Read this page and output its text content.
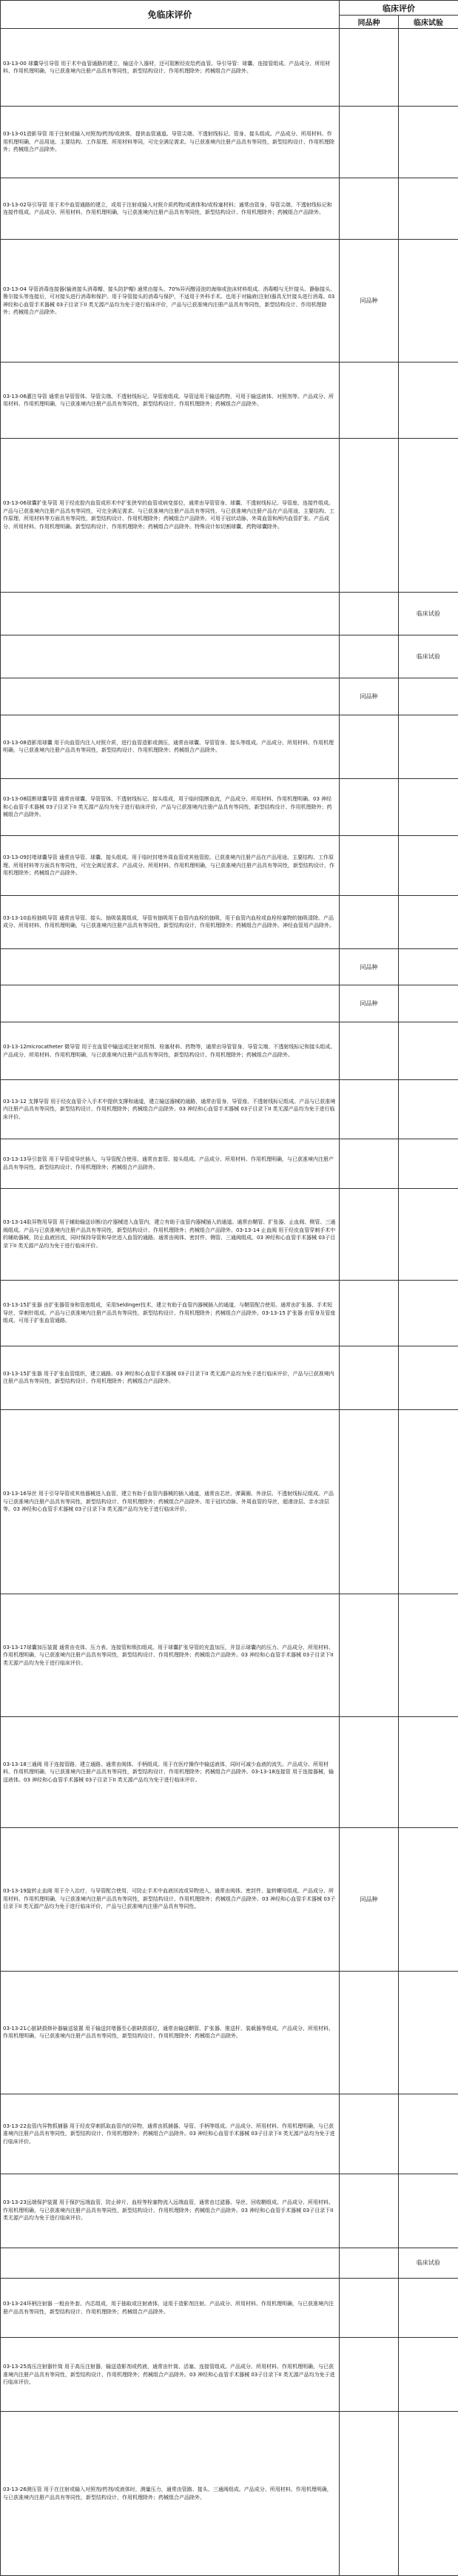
免临床评价	临床评价	
	同品种	临床试验
03-13-00 球囊导引导管 用于术中血管通路的建立，输送介入器材，还可阻断经皮给药血管。导引导管：球囊、连接管组成。产品成分、所用材料、作用机理明确，与已获准境内注册产品具有等同性，新型结构设计、作用机理除外；药械组合产品除外。		
03-13-01造影导管 用于注射或输入对照剂/药剂/或液体，提供血管通道。导管尖端、不透射线标记、管身、接头组成。产品成分、所用材料、作用机理明确，产品用途、主要结构、工作原理、所用材料等同，可完全满足需求。与已获准境内注册产品具有等同性，新型结构设计、作用机理除外；药械组合产品除外。		
03-13-02导引导管 用于术中血管通路的建立，或用于注射或输入对照介质药物/或液体和/或栓塞材料；通常由管身、导管尖端、不透射线标记和连接件组成。产品成分、所用材料、作用机理明确，与已获准境内注册产品具有等同性，新型结构设计、作用机理除外；药械组合产品除外。		
03-13-04 导管消毒连接器(输液接头消毒帽、接头防护帽) 通常由接头、70%异丙醇浸泡的海绵或泡沫材料组成。消毒帽与无针接头、静脉接头、鲁尔接头等连接后，可对接头进行消毒和保护。用于导管接头的消毒与保护，不适用于外科手术。也用于对输液(注射)器具无针接头进行消毒。03 神经和心血管手术器械 03子目录下II 类无源产品均为免于进行临床评价，产品与已获准境内注册产品具有等同性，新型结构设计、作用机理除外；药械组合产品除外。	同品种	
03-13-06灌注导管 通常由导管管体、导管尖端、不透射线标记、导管座组成。导管适用于输送药物，可用于输送液体、对照剂等。产品成分、所用材料、作用机理明确，与已获准境内注册产品具有等同性，新型结构设计、作用机理除外；药械组合产品除外。		
03-13-06球囊扩张导管 用于经皮腔内血管成形术中扩张狭窄的血管或病变部位，通常由导管管身、球囊、不透射线标记、导管座、连接件组成。产品与已获准境内注册产品具有等同性，可完全满足需求。与已获准境内注册产品具有等同性，与已获准境内注册产品在产品用途、主要结构、工作原理、所用材料等方面具有等同性，新型结构设计、作用机理除外；药械组合产品除外。可用于冠状动脉、外周血管和颅内血管扩张。产品成分、所用材料、作用机理明确。新型结构设计、作用机理除外；药械组合产品除外。特殊设计如切割球囊、药物球囊除外。		
		临床试验
		临床试验
	同品种	
03-13-08造影用球囊 用于向血管内注入对照介质，进行血管造影或测压，通常由球囊、导管管身、接头等组成。产品成分、所用材料、作用机理明确，与已获准境内注册产品具有等同性，新型结构设计、作用机理除外；药械组合产品除外。		
03-13-08阻断球囊导管 通常由球囊、导管管体、不透射线标记、接头组成，用于临时阻断血流，产品成分、所用材料、作用机理明确。03 神经和心血管手术器械 03子目录下II 类无源产品均为免于进行临床评价，产品与已获准境内注册产品具有等同性，新型结构设计、作用机理除外；药械组合产品除外。		
03-13-09封堵球囊导管 通常由导管、球囊、接头组成。用于临时封堵外周血管或其他管腔。已获准境内注册产品在产品用途、主要结构、工作原理、所用材料等方面具有等同性，可完全满足需求。产品成分、所用材料、作用机理明确，与已获准境内注册产品具有等同性，新型结构设计、作用机理除外；药械组合产品除外。		
03-13-10血栓抽吸导管 通常由导管、接头、抽吸装置组成，导管有抽吸用于血管内血栓的抽吸，用于血管内血栓或血栓栓塞物的抽吸清除。产品成分、所用材料、作用机理明确，与已获准境内注册产品具有等同性，新型结构设计、作用机理除外；药械组合产品除外。神经血管用产品除外。		
	同品种	
	同品种	
03-13-12microcatheter 微导管 用于在血管中输送或注射对照剂、栓塞材料、药物等，通常由导管管身、导管尖端、不透射线标记和接头组成。产品成分、所用材料、作用机理明确，与已获准境内注册产品具有等同性，新型结构设计、作用机理除外；药械组合产品除外。		
03-13-12 支撑导管 用于经皮血管介入手术中提供支撑和通道，建立输送器械的通路，通常由管身、导管座、不透射线标记组成。产品与已获准境内注册产品具有等同性，新型结构设计、作用机理除外；药械组合产品除外。03 神经和心血管手术器械 03子目录下II 类无源产品均为免于进行临床评价。		
03-13-13导引套管 用于导管或导丝插入，与导管配合使用。通常由套管、接头组成。产品成分、所用材料、作用机理明确，与已获准境内注册产品具有等同性，新型结构设计、作用机理除外；药械组合产品除外。		
03-13-14取异物用导管 用于辅助输送诊断/治疗器械进入血管内，建立有助于血管内器械插入的通道。通常由鞘管、扩张器、止血阀、侧管、三通阀组成。产品与已获准境内注册产品具有等同性，新型结构设计、作用机理除外；药械组合产品除外。03-13-14 止血阀 用于经皮血管穿刺手术中的辅助器械，防止血液回流，同时保持导管和导丝进入血管的通路。通常由阀体、密封件、侧管、三通阀组成。03 神经和心血管手术器械 03子目录下II 类无源产品均为免于进行临床评价。		
03-13-15扩张器 由扩张器管身和管座组成，采用Seldinger技术，建立有助于血管内器械插入的通道，与鞘管配合使用。通常由扩张器、手术短导丝、穿刺针组成。产品与已获准境内注册产品具有等同性，新型结构设计、作用机理除外；药械组合产品除外。03-13-15 扩张器 由管身及管座组成，可用于扩张血管通路。		
03-13-15扩张器 用于扩张血管组织，建立通路。03 神经和心血管手术器械 03子目录下II 类无源产品均为免于进行临床评价，产品与已获准境内注册产品具有等同性，新型结构设计、作用机理除外；药械组合产品除外。		
03-13-16导丝 用于引导导管或其他器械进入血管，建立有助于血管内器械的插入通道，通常由芯丝、弹簧圈、外涂层、不透射线标记组成。产品与已获准境内注册产品具有等同性，新型结构设计、作用机理除外；药械组合产品除外。用于冠状动脉、外周血管的导丝，超滑涂层、亲水涂层等。03 神经和心血管手术器械 03子目录下II 类无源产品均为免于进行临床评价。		
03-13-17球囊加压装置 通常由壳体、压力表、连接管和锁扣组成。用于球囊扩张导管的充盈加压，并显示球囊内的压力。产品成分、所用材料、作用机理明确，与已获准境内注册产品具有等同性，新型结构设计、作用机理除外；药械组合产品除外。03 神经和心血管手术器械 03子目录下II 类无源产品均为免于进行临床评价。		
03-13-18三通阀 用于连接管路，建立通路。通常由阀体、手柄组成。用于在医疗操作中输送液体，同时可减少血液的流失。产品成分、所用材料、作用机理明确，与已获准境内注册产品具有等同性，新型结构设计、作用机理除外；药械组合产品除外。03-13-18连接管 用于连接器械，输送液体。03 神经和心血管手术器械 03子目录下II 类无源产品均为免于进行临床评价。		
03-13-19旋转止血阀 用于介入治疗，与导管配合使用，可防止手术中血液回流或异物进入，通常由阀体、密封件、旋转螺母组成。产品成分、所用材料、作用机理明确，与已获准境内注册产品具有等同性，新型结构设计、作用机理除外；药械组合产品除外。03 神经和心血管手术器械 03子目录下II 类无源产品均为免于进行临床评价，产品与已获准境内注册产品具有等同性。	同品种	
03-13-21心脏缺损修补器输送装置 用于输送封堵器至心脏缺损部位，通常由输送鞘管、扩张器、推送杆、装载器等组成。产品成分、所用材料、作用机理明确，与已获准境内注册产品具有等同性，新型结构设计、作用机理除外；药械组合产品除外。		
03-13-22血管内异物抓捕器 用于经皮穿刺抓取血管内的异物，通常由抓捕器、导管、手柄等组成。产品成分、所用材料、作用机理明确，与已获准境内注册产品具有等同性，新型结构设计、作用机理除外；药械组合产品除外。03 神经和心血管手术器械 03子目录下II 类无源产品均为免于进行临床评价。		
03-13-23远端保护装置 用于保护远端血管，防止碎片、血栓等栓塞物流入远端血管，通常由过滤器、导丝、回收鞘组成。产品成分、所用材料、作用机理明确，与已获准境内注册产品具有等同性，新型结构设计、作用机理除外；药械组合产品除外。03 神经和心血管手术器械 03子目录下II 类无源产品均为免于进行临床评价。		
		临床试验
03-13-24环柄注射器 一般由外套、内芯组成，用于抽取或注射液体，适用于造影剂注射。产品成分、所用材料、作用机理明确，与已获准境内注册产品具有等同性，新型结构设计、作用机理除外；药械组合产品除外。		
03-13-25高压注射器针筒 用于高压注射器，输送造影剂或药液，通常由针筒、活塞、连接管组成。产品成分、所用材料、作用机理明确，与已获准境内注册产品具有等同性，新型结构设计、作用机理除外；药械组合产品除外。03 神经和心血管手术器械 03子目录下II 类无源产品均为免于进行临床评价。		
03-13-26测压管 用于在注射或输入对照剂/药剂/或液体时，测量压力，通常由管路、接头、三通阀组成。产品成分、所用材料、作用机理明确，与已获准境内注册产品具有等同性，新型结构设计、作用机理除外；药械组合产品除外。		
